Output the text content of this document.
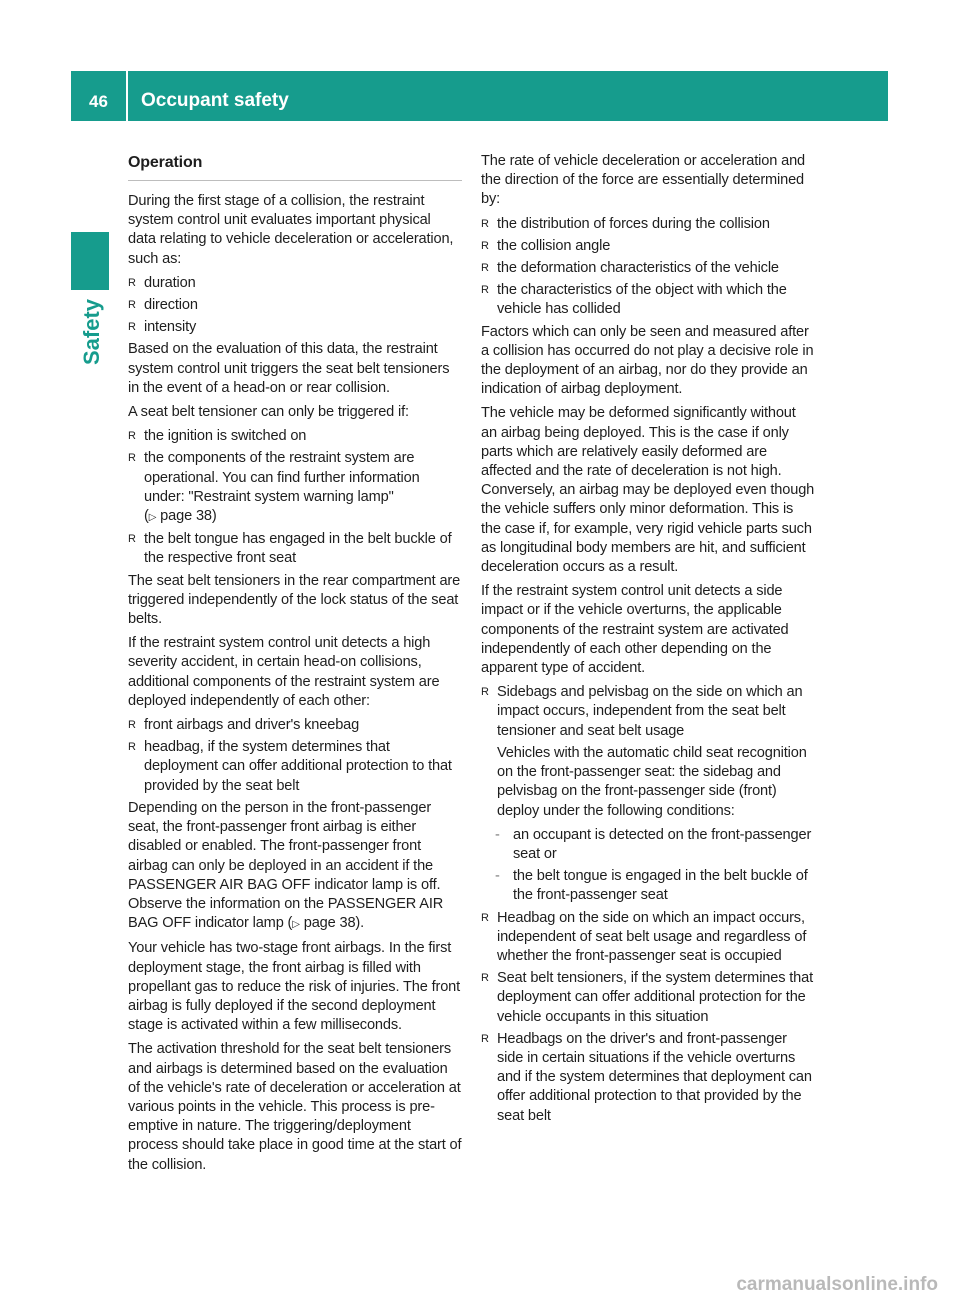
46	Occupant safety
Safety
Operation

During the first stage of a collision, the restraint system control unit evaluates important physical data relating to vehicle deceleration or acceleration, such as:

R duration
R direction
R intensity

Based on the evaluation of this data, the restraint system control unit triggers the seat belt tensioners in the event of a head-on or rear collision.

A seat belt tensioner can only be triggered if:

R the ignition is switched on
R the components of the restraint system are operational. You can find further information under: "Restraint system warning lamp"
(▷ page 38)
R the belt tongue has engaged in the belt buckle of the respective front seat

The seat belt tensioners in the rear compartment are triggered independently of the lock status of the seat belts.

If the restraint system control unit detects a high severity accident, in certain head-on collisions, additional components of the restraint system are deployed independently of each other:

R front airbags and driver's kneebag
R headbag, if the system determines that deployment can offer additional protection to that provided by the seat belt

Depending on the person in the front-passenger seat, the front-passenger front airbag is either disabled or enabled. The front-passenger front airbag can only be deployed in an accident if the PASSENGER AIR BAG OFF indicator lamp is off. Observe the information on the PASSENGER AIR BAG OFF indicator lamp (▷ page 38).

Your vehicle has two-stage front airbags. In the first deployment stage, the front airbag is filled with propellant gas to reduce the risk of injuries. The front airbag is fully deployed if the second deployment stage is activated within a few milliseconds.

The activation threshold for the seat belt tensioners and airbags is determined based on the evaluation of the vehicle's rate of deceleration or acceleration at various points in the vehicle. This process is pre-emptive in nature. The triggering/deployment process should take place in good time at the start of the collision.

The rate of vehicle deceleration or acceleration and the direction of the force are essentially determined by:

R the distribution of forces during the collision
R the collision angle
R the deformation characteristics of the vehicle
R the characteristics of the object with which the vehicle has collided

Factors which can only be seen and measured after a collision has occurred do not play a decisive role in the deployment of an airbag, nor do they provide an indication of airbag deployment.

The vehicle may be deformed significantly without an airbag being deployed. This is the case if only parts which are relatively easily deformed are affected and the rate of deceleration is not high. Conversely, an airbag may be deployed even though the vehicle suffers only minor deformation. This is the case if, for example, very rigid vehicle parts such as longitudinal body members are hit, and sufficient deceleration occurs as a result.

If the restraint system control unit detects a side impact or if the vehicle overturns, the applicable components of the restraint system are activated independently of each other depending on the apparent type of accident.

R Sidebags and pelvisbag on the side on which an impact occurs, independent from the seat belt tensioner and seat belt usage
Vehicles with the automatic child seat recognition on the front-passenger seat: the sidebag and pelvisbag on the front-passenger side (front) deploy under the following conditions:
- an occupant is detected on the front-passenger seat or
- the belt tongue is engaged in the belt buckle of the front-passenger seat
R Headbag on the side on which an impact occurs, independent of seat belt usage and regardless of whether the front-passenger seat is occupied
R Seat belt tensioners, if the system determines that deployment can offer additional protection for the vehicle occupants in this situation
R Headbags on the driver's and front-passenger side in certain situations if the vehicle overturns and if the system determines that deployment can offer additional protection to that provided by the seat belt
carmanualsonline.info
